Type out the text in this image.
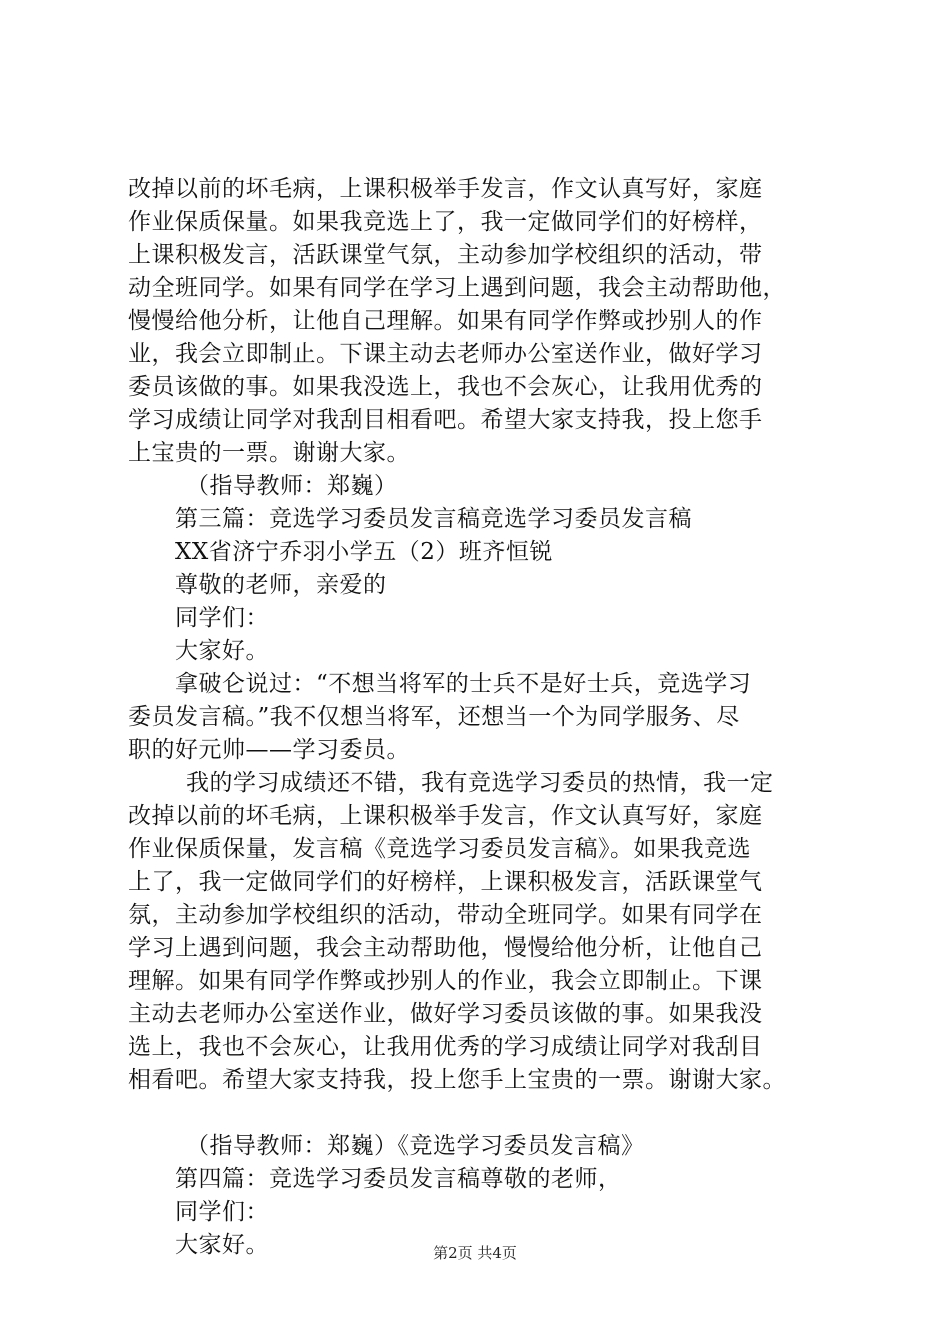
改掉以前的坏毛病，上课积极举手发言，作文认真写好，家庭
作业保质保量。如果我竞选上了，我一定做同学们的好榜样，
上课积极发言，活跃课堂气氛，主动参加学校组织的活动，带
动全班同学。如果有同学在学习上遇到问题，我会主动帮助他，
慢慢给他分析，让他自己理解。如果有同学作弊或抄别人的作
业，我会立即制止。下课主动去老师办公室送作业，做好学习
委员该做的事。如果我没选上，我也不会灰心，让我用优秀的
学习成绩让同学对我刮目相看吧。希望大家支持我，投上您手
上宝贵的一票。谢谢大家。
（指导教师：郑巍）
第三篇：竞选学习委员发言稿竞选学习委员发言稿
XX省济宁乔羽小学五（2）班齐恒锐
尊敬的老师，亲爱的
同学们：
大家好。
拿破仑说过：“不想当将军的士兵不是好士兵，竞选学习
委员发言稿。”我不仅想当将军，还想当一个为同学服务、尽
职的好元帅——学习委员。
我的学习成绩还不错，我有竞选学习委员的热情，我一定
改掉以前的坏毛病，上课积极举手发言，作文认真写好，家庭
作业保质保量，发言稿《竞选学习委员发言稿》。如果我竞选
上了，我一定做同学们的好榜样，上课积极发言，活跃课堂气
氛，主动参加学校组织的活动，带动全班同学。如果有同学在
学习上遇到问题，我会主动帮助他，慢慢给他分析，让他自己
理解。如果有同学作弊或抄别人的作业，我会立即制止。下课
主动去老师办公室送作业，做好学习委员该做的事。如果我没
选上，我也不会灰心，让我用优秀的学习成绩让同学对我刮目
相看吧。希望大家支持我，投上您手上宝贵的一票。谢谢大家。
（指导教师：郑巍）《竞选学习委员发言稿》
第四篇：竞选学习委员发言稿尊敬的老师，
同学们：
大家好。	第2页 共4页
